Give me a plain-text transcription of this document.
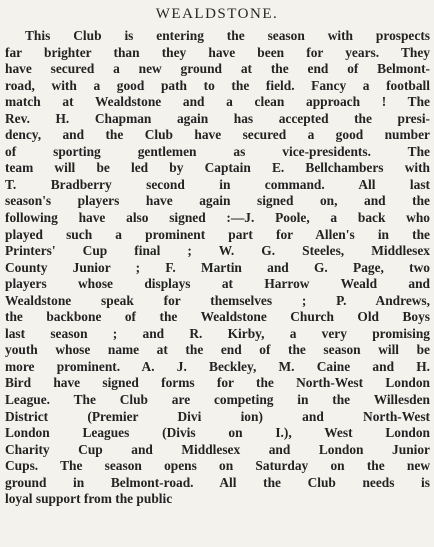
WEALDSTONE.
This Club is entering the season with prospects
far brighter than they have been for years. They
have secured a new ground at the end of Belmont-
road, with a good path to the field. Fancy a football
match at Wealdstone and a clean approach ! The
Rev. H. Chapman again has accepted the presi-
dency, and the Club have secured a good number
of sporting gentlemen as vice-presidents. The
team will be led by Captain E. Bellchambers with
T. Bradberry second in command. All last
season's players have again signed on, and the
following have also signed :—J. Poole, a back who
played such a prominent part for Allen's in the
Printers' Cup final ; W. G. Steeles, Middlesex
County Junior ; F. Martin and G. Page, two
players whose displays at Harrow Weald and
Wealdstone speak for themselves ; P. Andrews,
the backbone of the Wealdstone Church Old Boys
last season ; and R. Kirby, a very promising
youth whose name at the end of the season will be
more prominent. A. J. Beckley, M. Caine and H.
Bird have signed forms for the North-West London
League. The Club are competing in the Willesden
District (Premier Divi ion) and North-West
London Leagues (Divis on I.), West London
Charity Cup and Middlesex and London Junior
Cups. The season opens on Saturday on the new
ground in Belmont-road. All the Club needs is
loyal support from the public
